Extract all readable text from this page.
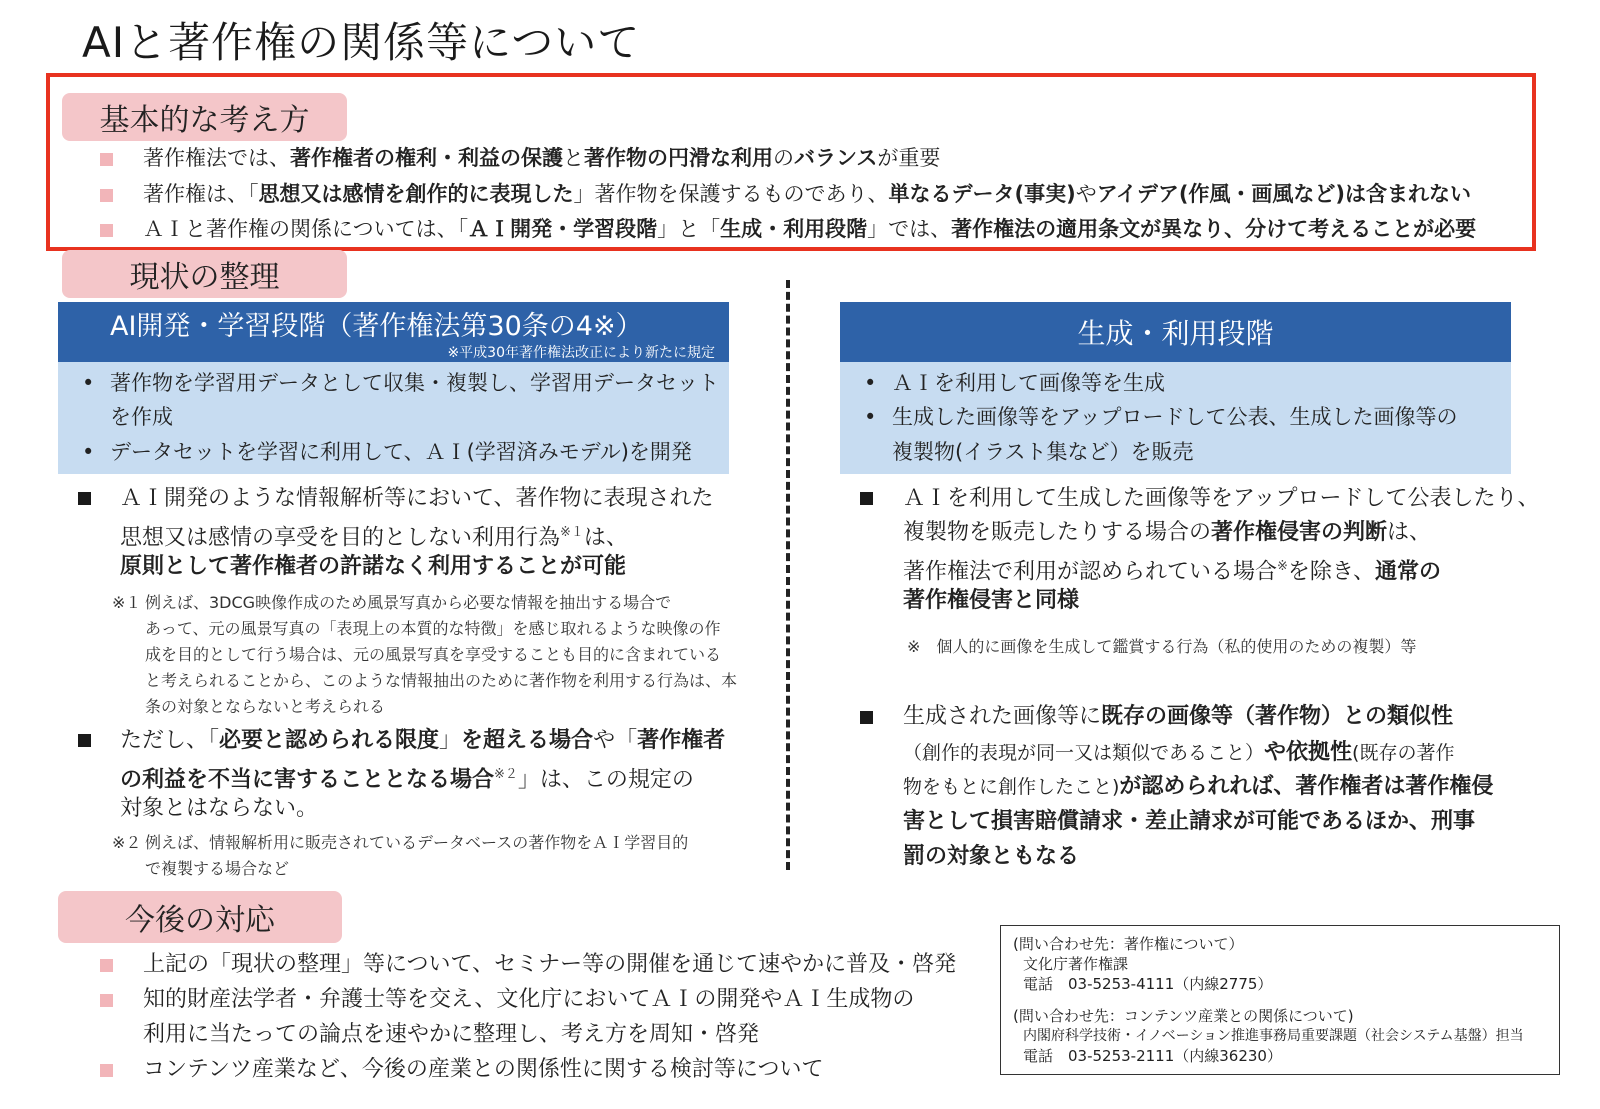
AIと著作権の関係等について
基本的な考え方
著作権法では、著作権者の権利・利益の保護と著作物の円滑な利用のバランスが重要
著作権は、「思想又は感情を創作的に表現した」著作物を保護するものであり、単なるデータ(事実)やアイデア(作風・画風など)は含まれない
ＡＩと著作権の関係については、「ＡＩ開発・学習段階」と「生成・利用段階」では、著作権法の適用条文が異なり、分けて考えることが必要
現状の整理
AI開発・学習段階（著作権法第30条の4※）
※平成30年著作権法改正により新たに規定
• 著作物を学習用データとして収集・複製し、学習用データセット
を作成
• データセットを学習に利用して、ＡＩ(学習済みモデル)を開発
ＡＩ開発のような情報解析等において、著作物に表現された
思想又は感情の享受を目的としない利用行為$^{※1}$は、
原則として著作権者の許諾なく利用することが可能
※１ 例えば、3DCG映像作成のため風景写真から必要な情報を抽出する場合で
あって、元の風景写真の「表現上の本質的な特徴」を感じ取れるような映像の作
成を目的として行う場合は、元の風景写真を享受することも目的に含まれている
と考えられることから、このような情報抽出のために著作物を利用する行為は、本
条の対象とならないと考えられる
ただし、「必要と認められる限度」を超える場合や「著作権者
の利益を不当に害することとなる場合$^{※2}$」は、この規定の
対象とはならない。
※２ 例えば、情報解析用に販売されているデータベースの著作物をＡＩ学習目的
で複製する場合など
生成・利用段階
• ＡＩを利用して画像等を生成
• 生成した画像等をアップロードして公表、生成した画像等の
複製物(イラスト集など）を販売
ＡＩを利用して生成した画像等をアップロードして公表したり、
複製物を販売したりする場合の著作権侵害の判断は、
著作権法で利用が認められている場合※を除き、通常の
著作権侵害と同様
※　個人的に画像を生成して鑑賞する行為（私的使用のための複製）等
生成された画像等に既存の画像等（著作物）との類似性
（創作的表現が同一又は類似であること）や依拠性(既存の著作
物をもとに創作したこと)が認められれば、著作権者は著作権侵
害として損害賠償請求・差止請求が可能であるほか、刑事
罰の対象ともなる
今後の対応
上記の「現状の整理」等について、セミナー等の開催を通じて速やかに普及・啓発
知的財産法学者・弁護士等を交え、文化庁においてＡＩの開発やＡＩ生成物の
利用に当たっての論点を速やかに整理し、考え方を周知・啓発
コンテンツ産業など、今後の産業との関係性に関する検討等について
(問い合わせ先：著作権について）
文化庁著作権課
電話　03-5253-4111（内線2775）
(問い合わせ先：コンテンツ産業との関係について)
内閣府科学技術・イノベーション推進事務局重要課題（社会システム基盤）担当
電話　03-5253-2111（内線36230）
